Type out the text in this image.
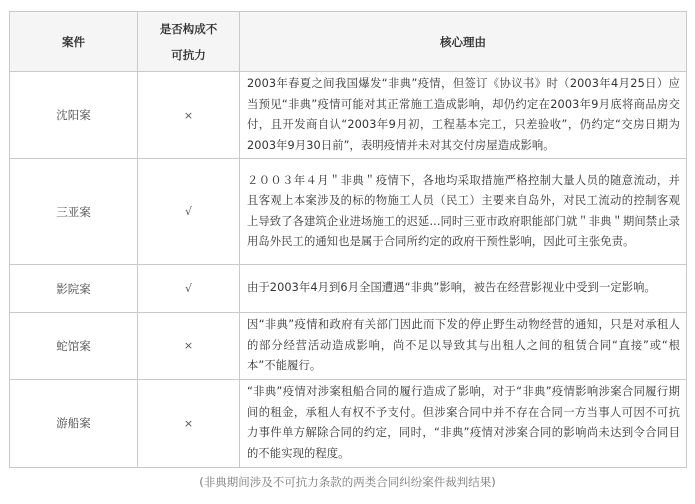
案件	是否构成不可抗力	核心理由
沈阳案	×	2003年春夏之间我国爆发“非典”疫情，但签订《协议书》时（2003年4月25日）应当预见“非典”疫情可能对其正常施工造成影响，却仍约定在2003年9月底将商品房交付，且开发商自认“2003年9月初，工程基本完工，只差验收”，仍约定“交房日期为2003年9月30日前”，表明疫情并未对其交付房屋造成影响。
三亚案	√	２００３年４月＂非典＂疫情下，各地均采取措施严格控制大量人员的随意流动，并且客观上本案涉及的标的物施工人员（民工）主要来自岛外，对民工流动的控制客观上导致了各建筑企业进场施工的迟延...同时三亚市政府职能部门就＂非典＂期间禁止录用岛外民工的通知也是属于合同所约定的政府干预性影响，因此可主张免责。
影院案	√	由于2003年4月到6月全国遭遇“非典”影响，被告在经营影视业中受到一定影响。
蛇馆案	×	因“非典”疫情和政府有关部门因此而下发的停止野生动物经营的通知，只是对承租人的部分经营活动造成影响，尚不足以导致其与出租人之间的租赁合同“直接”或“根本”不能履行。
游船案	×	“非典”疫情对涉案租船合同的履行造成了影响，对于“非典”疫情影响涉案合同履行期间的租金，承租人有权不予支付。但涉案合同中并不存在合同一方当事人可因不可抗力事件单方解除合同的约定，同时，“非典”疫情对涉案合同的影响尚未达到令合同目的不能实现的程度。
(非典期间涉及不可抗力条款的两类合同纠纷案件裁判结果)
